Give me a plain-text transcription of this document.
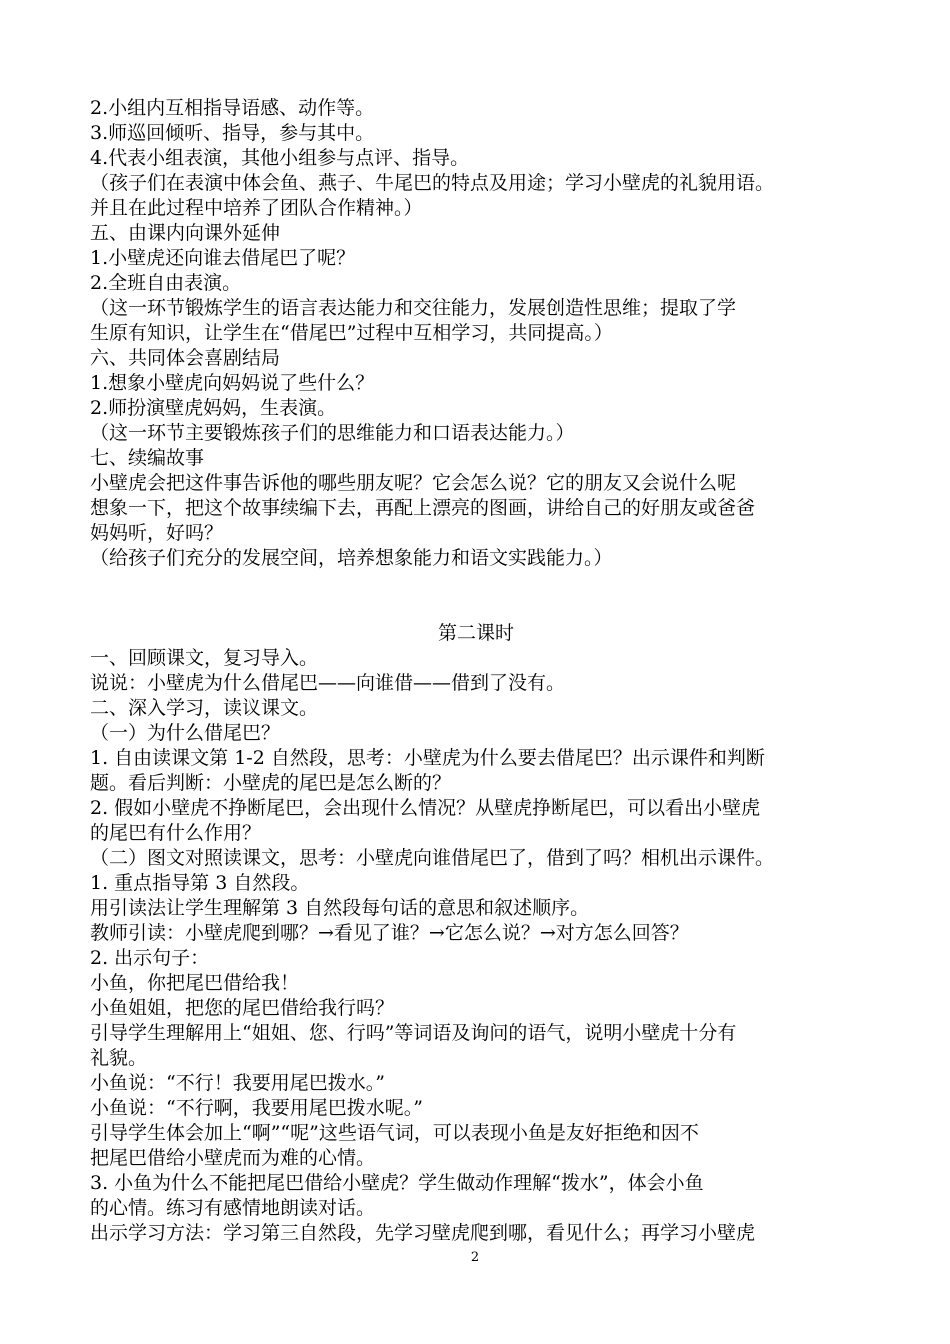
2.小组内互相指导语感、动作等。
3.师巡回倾听、指导，参与其中。
4.代表小组表演，其他小组参与点评、指导。
（孩子们在表演中体会鱼、燕子、牛尾巴的特点及用途；学习小壁虎的礼貌用语。
并且在此过程中培养了团队合作精神。）
五、由课内向课外延伸
1.小壁虎还向谁去借尾巴了呢？
2.全班自由表演。
（这一环节锻炼学生的语言表达能力和交往能力，发展创造性思维；提取了学
生原有知识，让学生在“借尾巴”过程中互相学习，共同提高。）
六、共同体会喜剧结局
1.想象小壁虎向妈妈说了些什么？
2.师扮演壁虎妈妈，生表演。
（这一环节主要锻炼孩子们的思维能力和口语表达能力。）
七、续编故事
小壁虎会把这件事告诉他的哪些朋友呢？它会怎么说？它的朋友又会说什么呢
想象一下，把这个故事续编下去，再配上漂亮的图画，讲给自己的好朋友或爸爸
妈妈听，好吗？
（给孩子们充分的发展空间，培养想象能力和语文实践能力。）
第二课时
一、回顾课文，复习导入。
说说：小壁虎为什么借尾巴——向谁借——借到了没有。
二、深入学习，读议课文。
（一）为什么借尾巴？
1. 自由读课文第 1-2 自然段，思考：小壁虎为什么要去借尾巴？出示课件和判断
题。看后判断：小壁虎的尾巴是怎么断的？
2. 假如小壁虎不挣断尾巴，会出现什么情况？从壁虎挣断尾巴，可以看出小壁虎
的尾巴有什么作用？
（二）图文对照读课文，思考：小壁虎向谁借尾巴了，借到了吗？相机出示课件。
1. 重点指导第 3 自然段。
用引读法让学生理解第 3 自然段每句话的意思和叙述顺序。
教师引读：小壁虎爬到哪？→看见了谁？→它怎么说？→对方怎么回答？
2. 出示句子：
小鱼，你把尾巴借给我！
小鱼姐姐，把您的尾巴借给我行吗？
引导学生理解用上“姐姐、您、行吗”等词语及询问的语气，说明小壁虎十分有
礼貌。
小鱼说：“不行！我要用尾巴拨水。”
小鱼说：“不行啊，我要用尾巴拨水呢。”
引导学生体会加上“啊”“呢”这些语气词，可以表现小鱼是友好拒绝和因不
把尾巴借给小壁虎而为难的心情。
3. 小鱼为什么不能把尾巴借给小壁虎？学生做动作理解“拨水”，体会小鱼
的心情。练习有感情地朗读对话。
出示学习方法：学习第三自然段，先学习壁虎爬到哪，看见什么；再学习小壁虎
2
